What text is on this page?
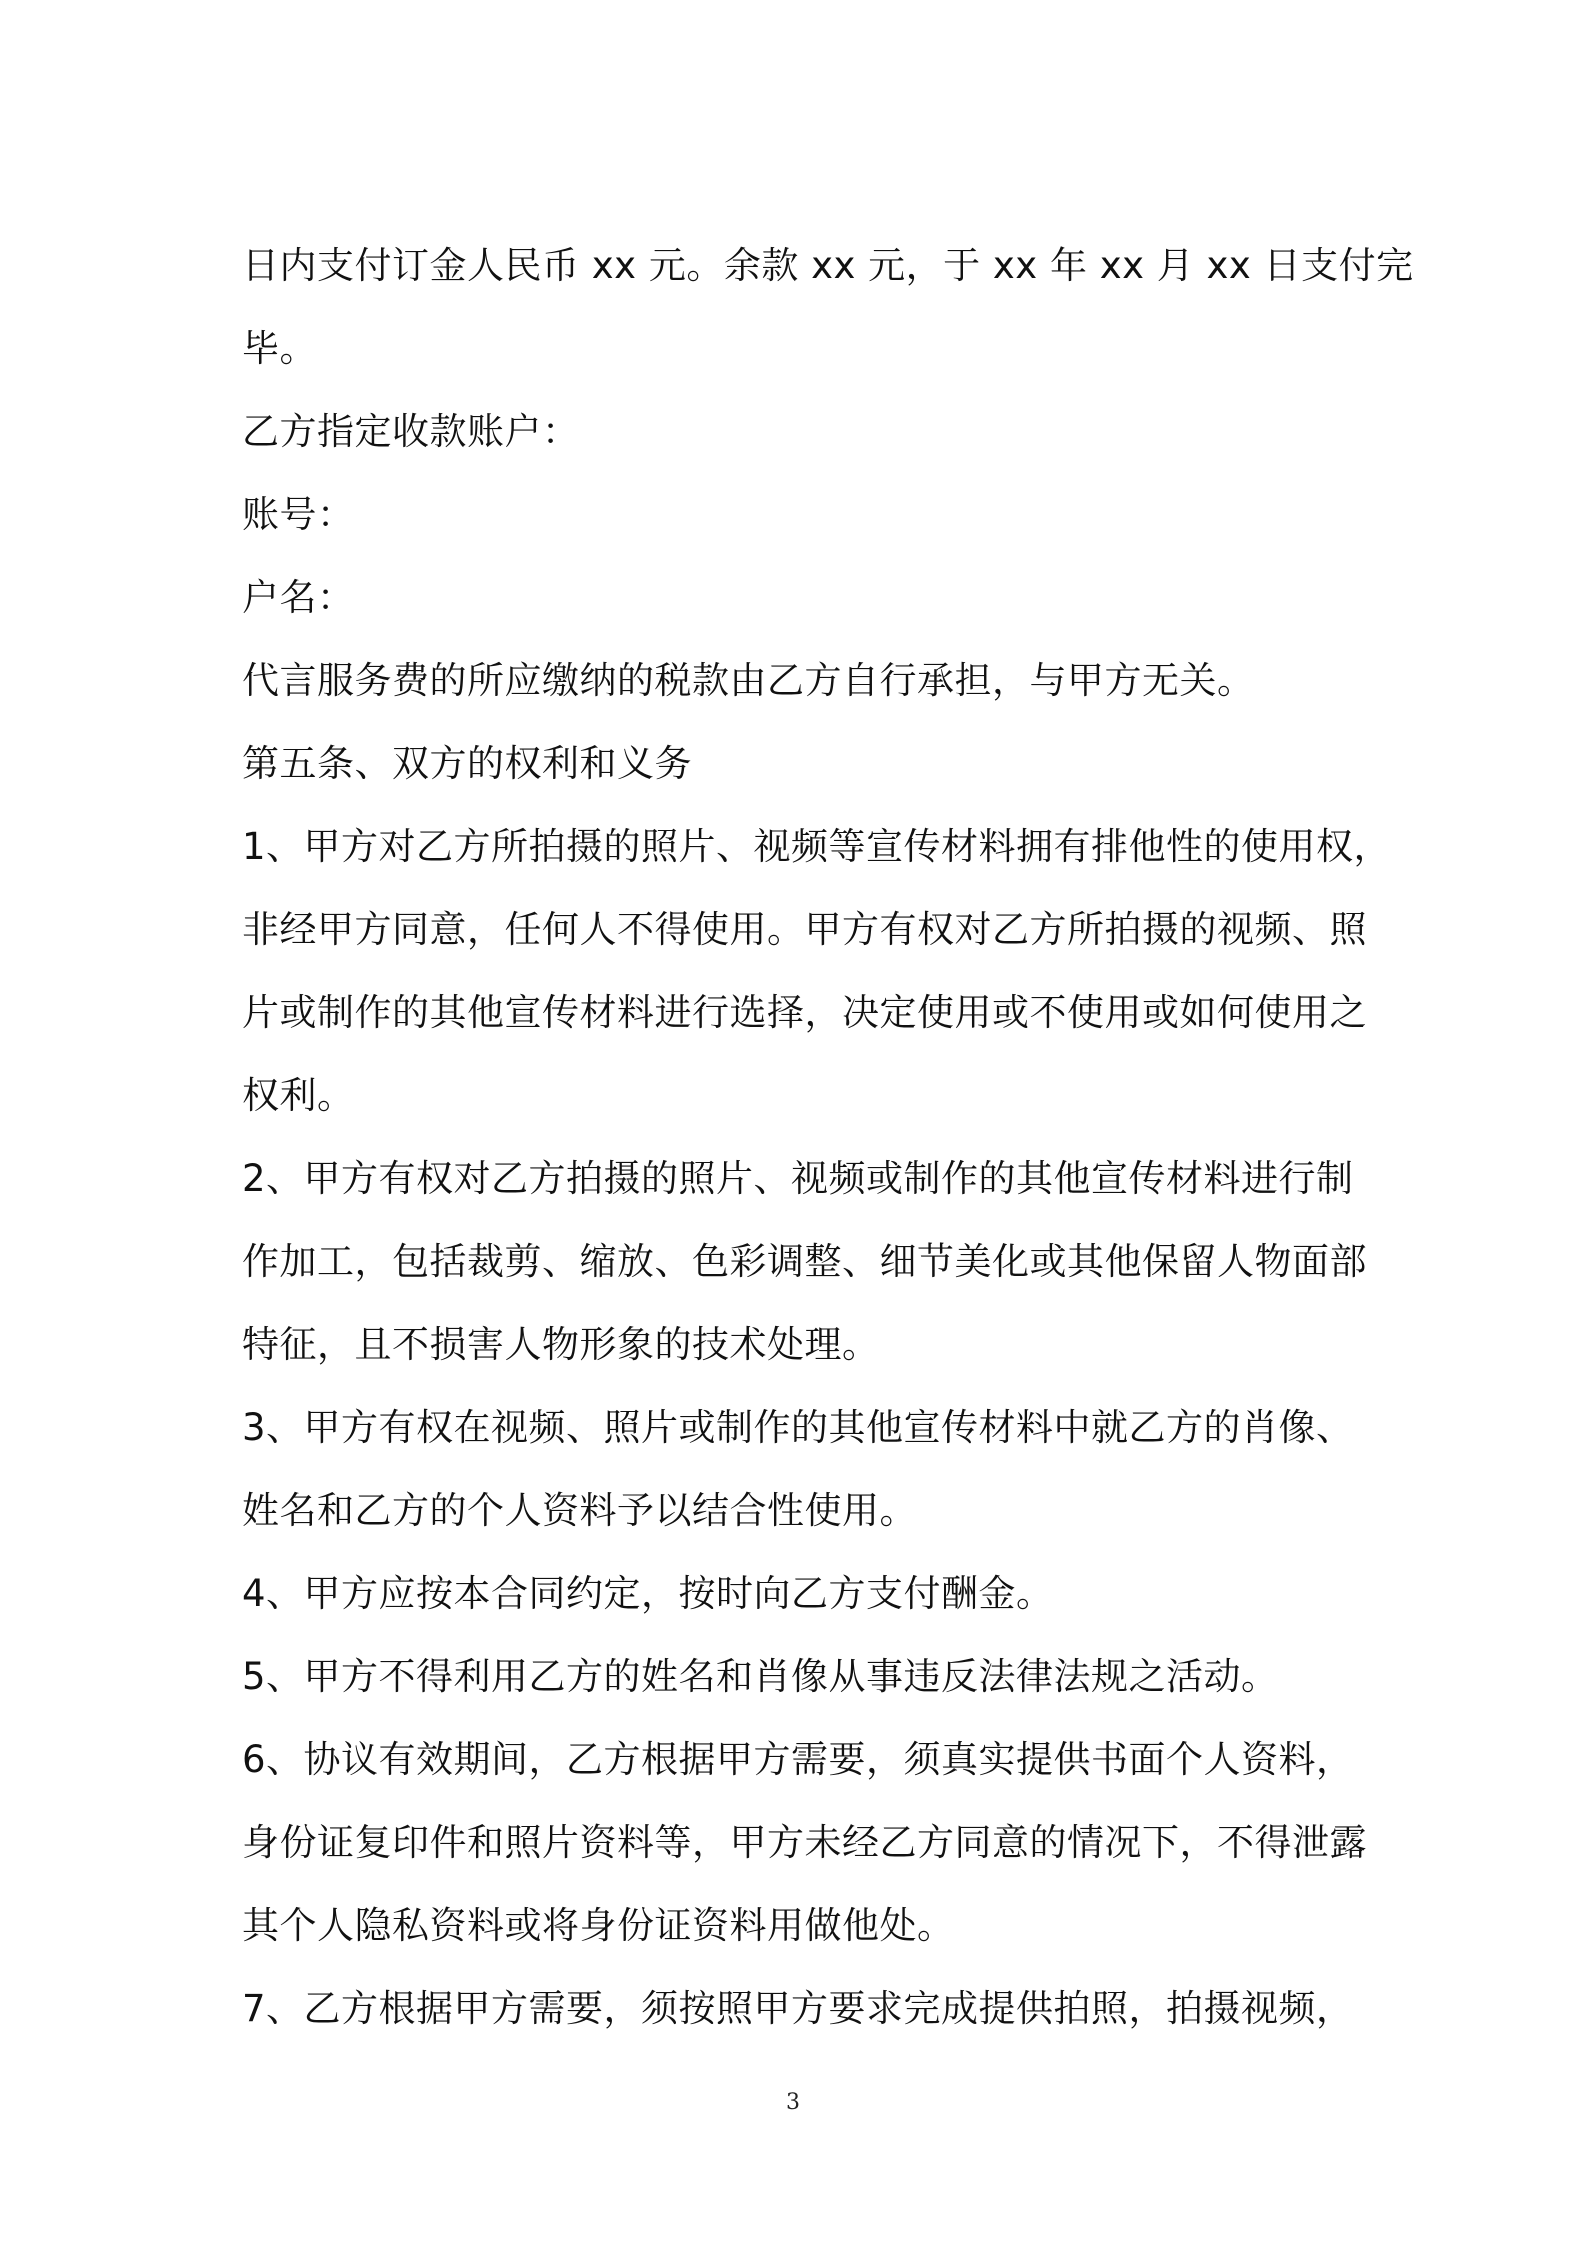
日内支付订金人民币 xx 元。余款 xx 元，于 xx 年 xx 月 xx 日支付完
毕。
乙方指定收款账户：
账号：
户名：
代言服务费的所应缴纳的税款由乙方自行承担，与甲方无关。
第五条、双方的权利和义务
1、甲方对乙方所拍摄的照片、视频等宣传材料拥有排他性的使用权，
非经甲方同意，任何人不得使用。甲方有权对乙方所拍摄的视频、照
片或制作的其他宣传材料进行选择，决定使用或不使用或如何使用之
权利。
2、甲方有权对乙方拍摄的照片、视频或制作的其他宣传材料进行制
作加工，包括裁剪、缩放、色彩调整、细节美化或其他保留人物面部
特征，且不损害人物形象的技术处理。
3、甲方有权在视频、照片或制作的其他宣传材料中就乙方的肖像、
姓名和乙方的个人资料予以结合性使用。
4、甲方应按本合同约定，按时向乙方支付酬金。
5、甲方不得利用乙方的姓名和肖像从事违反法律法规之活动。
6、协议有效期间，乙方根据甲方需要，须真实提供书面个人资料，
身份证复印件和照片资料等，甲方未经乙方同意的情况下，不得泄露
其个人隐私资料或将身份证资料用做他处。
7、乙方根据甲方需要，须按照甲方要求完成提供拍照，拍摄视频，
3
